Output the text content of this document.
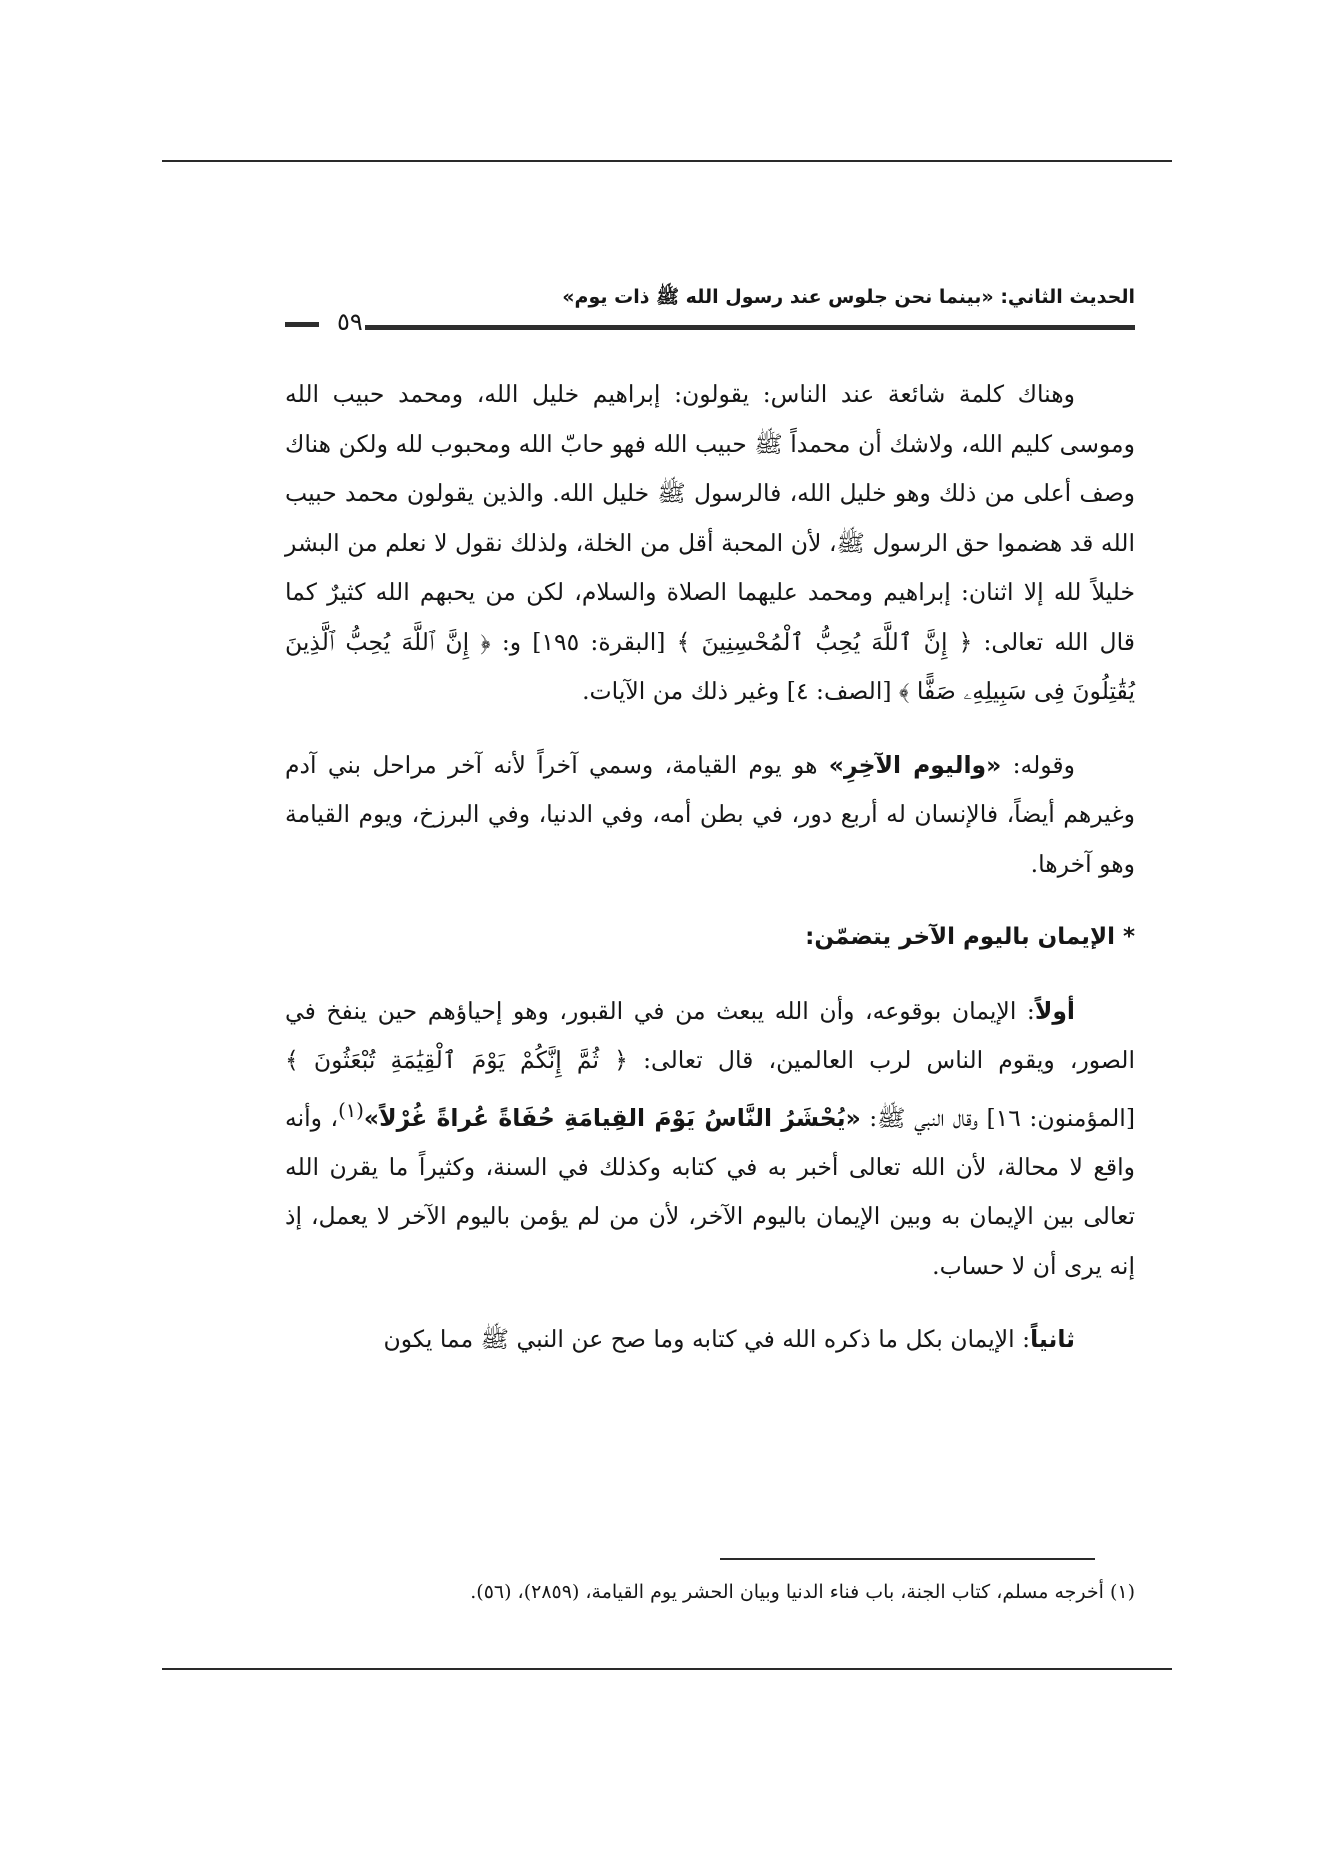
الحديث الثاني: «بينما نحن جلوس عند رسول الله ﷺ ذات يوم»
٥٩

وهناك كلمة شائعة عند الناس: يقولون: إبراهيم خليل الله، ومحمد حبيب الله وموسى كليم الله، ولاشك أن محمداً ﷺ حبيب الله فهو حابّ الله ومحبوب لله ولكن هناك وصف أعلى من ذلك وهو خليل الله، فالرسول ﷺ خليل الله. والذين يقولون محمد حبيب الله قد هضموا حق الرسول ﷺ، لأن المحبة أقل من الخلة، ولذلك نقول لا نعلم من البشر خليلاً لله إلا اثنان: إبراهيم ومحمد عليهما الصلاة والسلام، لكن من يحبهم الله كثيرٌ كما قال الله تعالى: ﴿ إِنَّ ٱللَّهَ يُحِبُّ ٱلْمُحْسِنِينَ ﴾ [البقرة: ١٩٥] و: ﴿ إِنَّ ٱللَّهَ يُحِبُّ ٱلَّذِينَ يُقَٰتِلُونَ فِى سَبِيلِهِۦ صَفًّا ﴾ [الصف: ٤] وغير ذلك من الآيات.

وقوله: «واليوم الآخِرِ» هو يوم القيامة، وسمي آخراً لأنه آخر مراحل بني آدم وغيرهم أيضاً، فالإنسان له أربع دور، في بطن أمه، وفي الدنيا، وفي البرزخ، ويوم القيامة وهو آخرها.

* الإيمان باليوم الآخر يتضمّن:

أولاً: الإيمان بوقوعه، وأن الله يبعث من في القبور، وهو إحياؤهم حين ينفخ في الصور، ويقوم الناس لرب العالمين، قال تعالى: ﴿ ثُمَّ إِنَّكُمْ يَوْمَ ٱلْقِيَٰمَةِ تُبْعَثُونَ ﴾ [المؤمنون: ١٦] وقال النبي ﷺ: «يُحْشَرُ النَّاسُ يَوْمَ القِيامَةِ حُفَاةً عُراةً غُرْلاً»$^{(١)}$، وأنه واقع لا محالة، لأن الله تعالى أخبر به في كتابه وكذلك في السنة، وكثيراً ما يقرن الله تعالى بين الإيمان به وبين الإيمان باليوم الآخر، لأن من لم يؤمن باليوم الآخر لا يعمل، إذ إنه يرى أن لا حساب.

ثانياً: الإيمان بكل ما ذكره الله في كتابه وما صح عن النبي ﷺ مما يكون

(١) أخرجه مسلم، كتاب الجنة، باب فناء الدنيا وبيان الحشر يوم القيامة، (٢٨٥٩)، (٥٦).
